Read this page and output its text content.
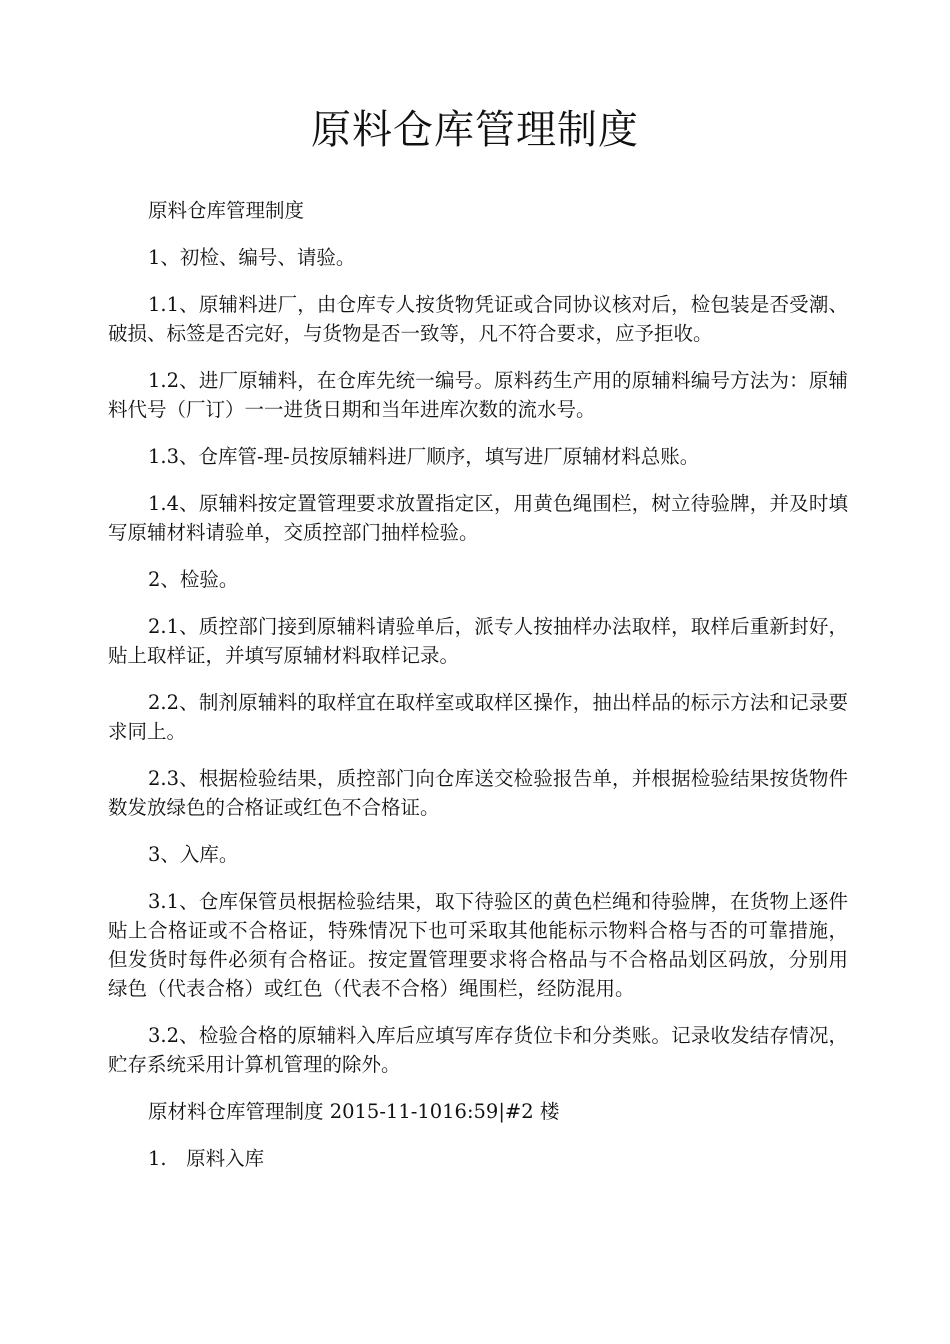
原料仓库管理制度

原料仓库管理制度

1、初检、编号、请验。

1.1、原辅料进厂，由仓库专人按货物凭证或合同协议核对后，检包装是否受潮、破损、标签是否完好，与货物是否一致等，凡不符合要求，应予拒收。

1.2、进厂原辅料，在仓库先统一编号。原料药生产用的原辅料编号方法为：原辅料代号（厂订）一一进货日期和当年进库次数的流水号。

1.3、仓库管-理-员按原辅料进厂顺序，填写进厂原辅材料总账。

1.4、原辅料按定置管理要求放置指定区，用黄色绳围栏，树立待验牌，并及时填写原辅材料请验单，交质控部门抽样检验。

2、检验。

2.1、质控部门接到原辅料请验单后，派专人按抽样办法取样，取样后重新封好，贴上取样证，并填写原辅材料取样记录。

2.2、制剂原辅料的取样宜在取样室或取样区操作，抽出样品的标示方法和记录要求同上。

2.3、根据检验结果，质控部门向仓库送交检验报告单，并根据检验结果按货物件数发放绿色的合格证或红色不合格证。

3、入库。

3.1、仓库保管员根据检验结果，取下待验区的黄色栏绳和待验牌，在货物上逐件贴上合格证或不合格证，特殊情况下也可采取其他能标示物料合格与否的可靠措施，但发货时每件必须有合格证。按定置管理要求将合格品与不合格品划区码放，分别用绿色（代表合格）或红色（代表不合格）绳围栏，经防混用。

3.2、检验合格的原辅料入库后应填写库存货位卡和分类账。记录收发结存情况，贮存系统采用计算机管理的除外。

原材料仓库管理制度 2015-11-1016:59|#2 楼

1.　原料入库
